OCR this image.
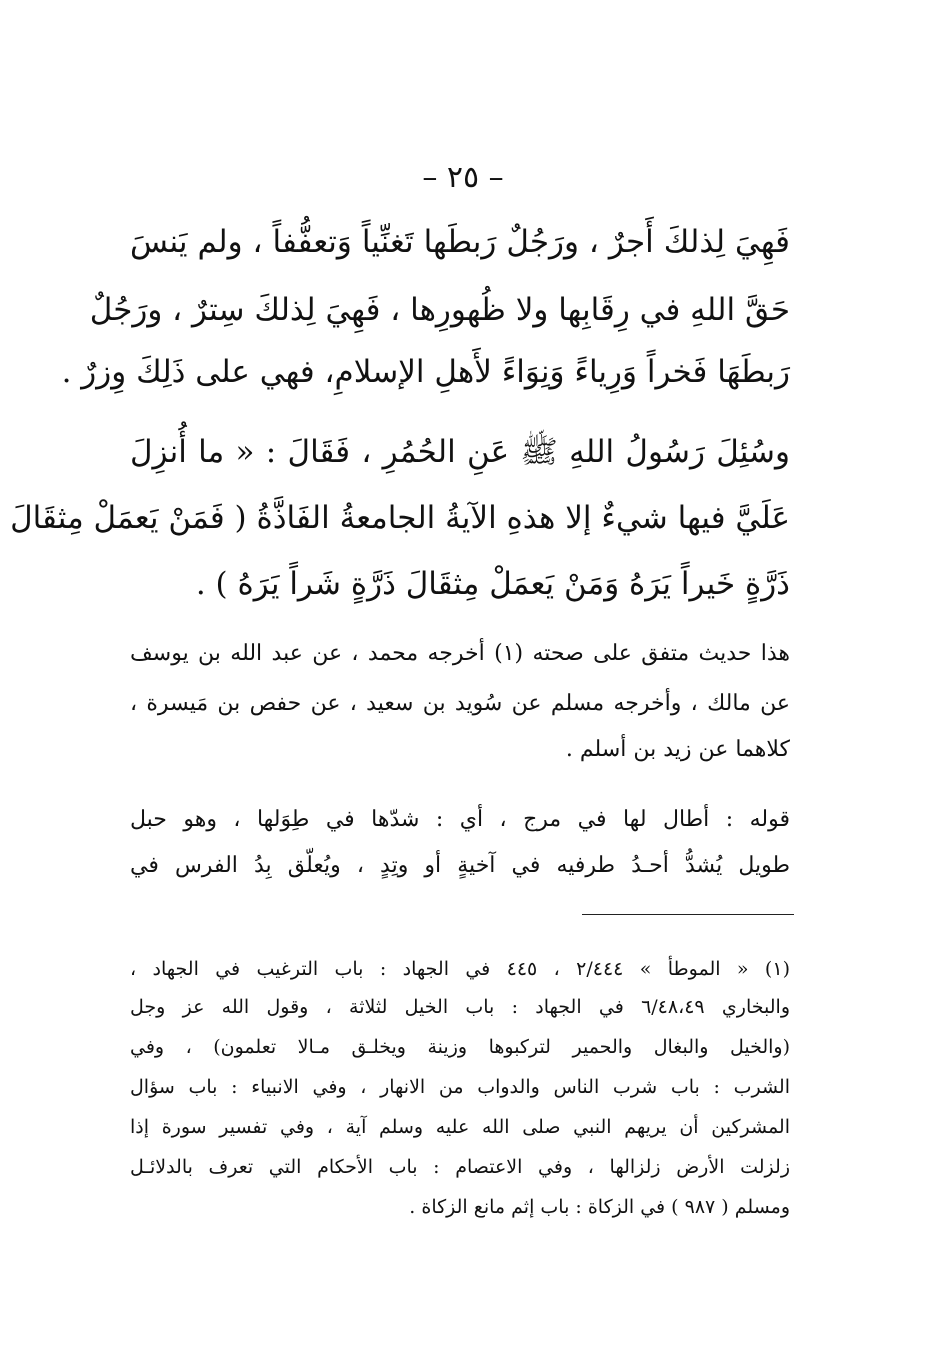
– ٢٥ –
فَهِيَ لِذلكَ أَجرٌ ، ورَجُلٌ رَبطَها تَغنِّياً وَتعفُّفاً ، ولم يَنسَ
حَقَّ اللهِ في رِقَابِها ولا ظُهورِها ، فَهِيَ لِذلكَ سِترٌ ، ورَجُلٌ
رَبطَهَا فَخراً وَرِياءً وَنِوَاءً لأَهلِ الإسلامِ، فهي على ذَلِكَ وِزرٌ .
وسُئِلَ رَسُولُ اللهِ ﷺ عَنِ الحُمُرِ ، فَقَالَ : « ما أُنزِلَ
عَلَيَّ فيها شيءٌ إلا هذهِ الآيةُ الجامعةُ الفَاذَّةُ ( فَمَنْ يَعمَلْ مِثقَالَ
ذَرَّةٍ خَيراً يَرَهُ وَمَنْ يَعمَلْ مِثقَالَ ذَرَّةٍ شَراً يَرَهُ ) .
هذا حديث متفق على صحته (١) أخرجه محمد ، عن عبد الله بن يوسف
عن مالك ، وأخرجه مسلم عن سُويد بن سعيد ، عن حفص بن مَيسرة ،
كلاهما عن زيد بن أسلم .
قوله : أطال لها في مرج ، أي : شدّها في طِوَلها ، وهو حبل
طويل يُشدُّ أحـدُ طرفيه في آخيةٍ أو وتِدٍ ، ويُعلّق بِدُ الفرس في
(١) « الموطأ » ٢/٤٤٤ ، ٤٤٥ في الجهاد : باب الترغيب في الجهاد ،
والبخاري ٦/٤٨،٤٩ في الجهاد : باب الخيل لثلاثة ، وقول الله عز وجل
(والخيل والبغال والحمير لتركبوها وزينة ويخلـق مـالا تعلمون) ، وفي
الشرب : باب شرب الناس والدواب من الانهار ، وفي الانبياء : باب سؤال
المشركين أن يريهم النبي صلى الله عليه وسلم آية ، وفي تفسير سورة إذا
زلزلت الأرض زلزالها ، وفي الاعتصام : باب الأحكام التي تعرف بالدلائـل
ومسلم ( ٩٨٧ ) في الزكاة : باب إثم مانع الزكاة .
